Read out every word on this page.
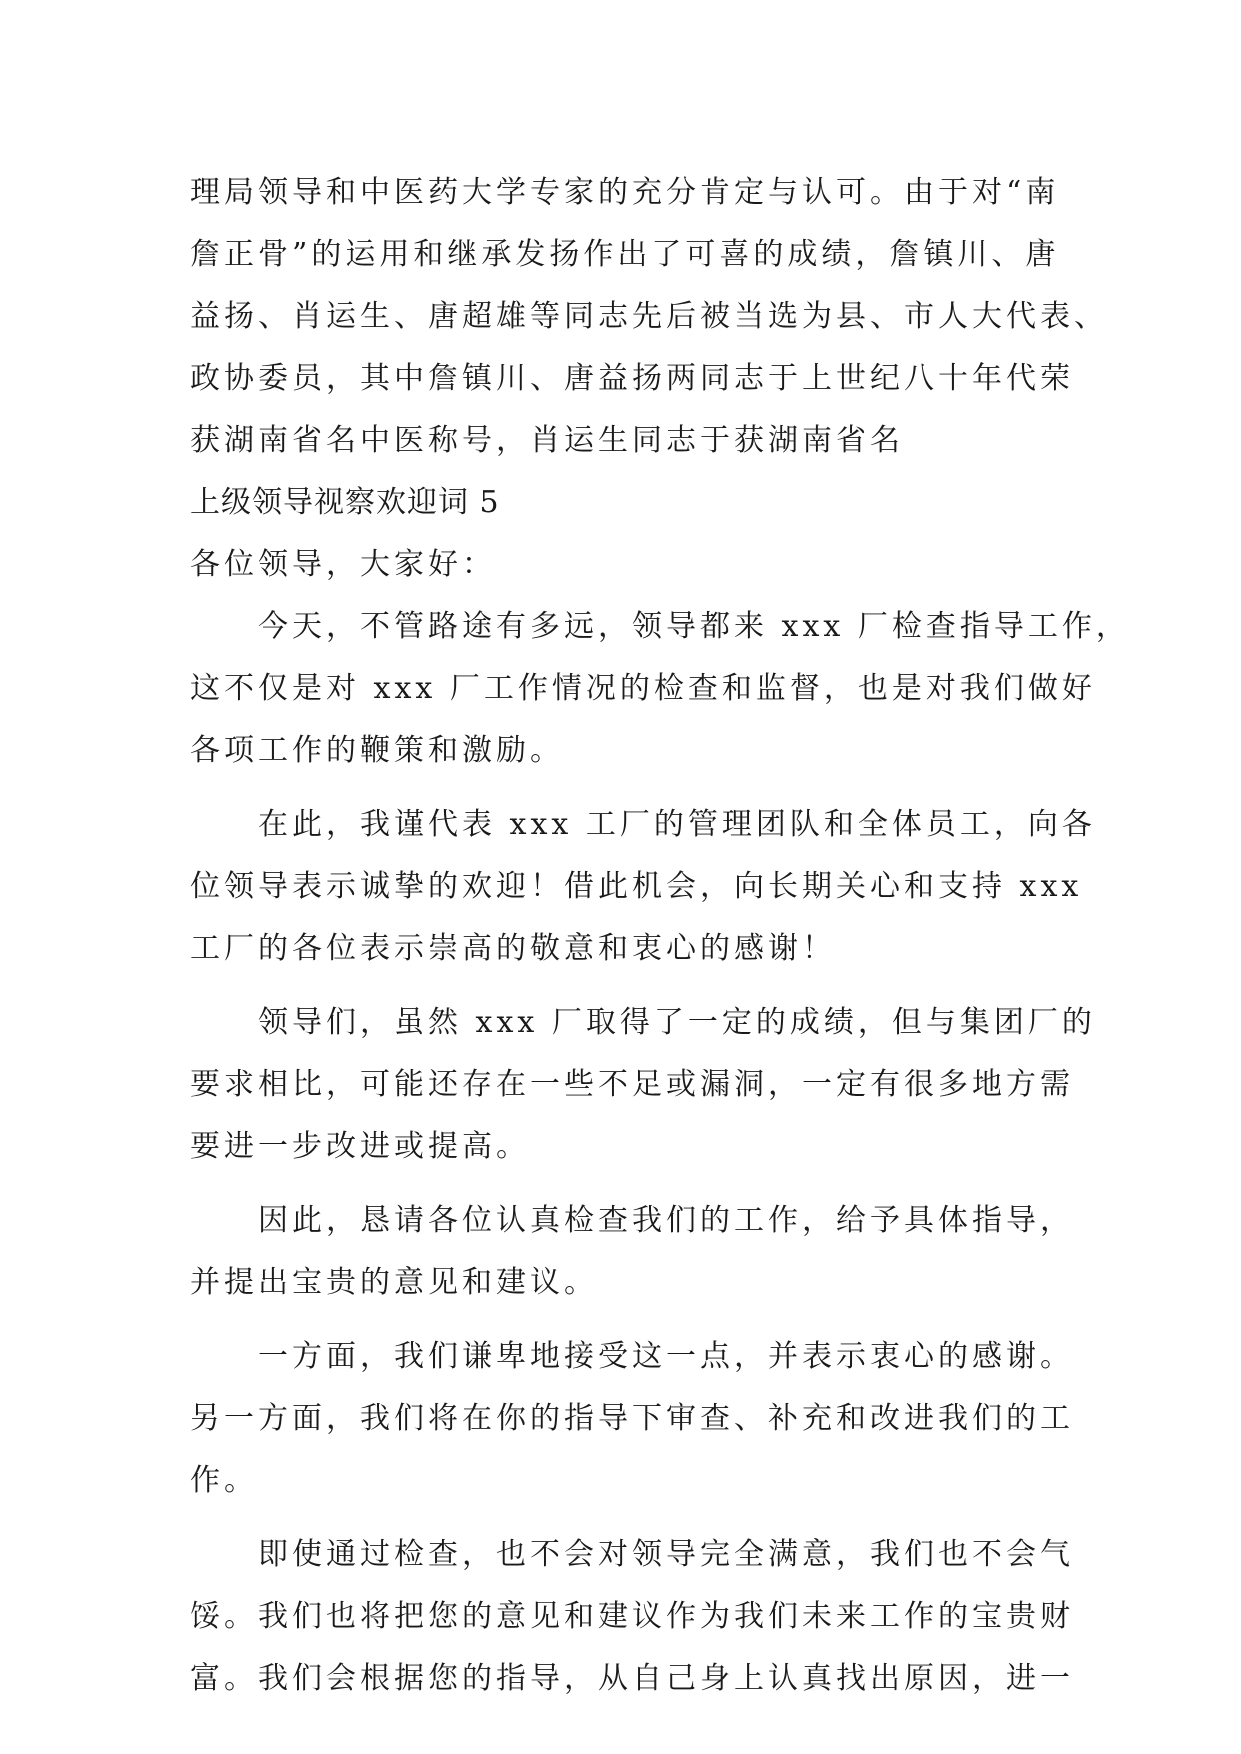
理局领导和中医药大学专家的充分肯定与认可。由于对“南
詹正骨”的运用和继承发扬作出了可喜的成绩，詹镇川、唐
益扬、肖运生、唐超雄等同志先后被当选为县、市人大代表、
政协委员，其中詹镇川、唐益扬两同志于上世纪八十年代荣
获湖南省名中医称号，肖运生同志于获湖南省名
上级领导视察欢迎词 5
各位领导，大家好：
　　今天，不管路途有多远，领导都来 xxx 厂检查指导工作，
这不仅是对 xxx 厂工作情况的检查和监督，也是对我们做好
各项工作的鞭策和激励。
　　在此，我谨代表 xxx 工厂的管理团队和全体员工，向各
位领导表示诚挚的欢迎！借此机会，向长期关心和支持 xxx
工厂的各位表示崇高的敬意和衷心的感谢！
　　领导们，虽然 xxx 厂取得了一定的成绩，但与集团厂的
要求相比，可能还存在一些不足或漏洞，一定有很多地方需
要进一步改进或提高。
　　因此，恳请各位认真检查我们的工作，给予具体指导，
并提出宝贵的意见和建议。
　　一方面，我们谦卑地接受这一点，并表示衷心的感谢。
另一方面，我们将在你的指导下审查、补充和改进我们的工
作。
　　即使通过检查，也不会对领导完全满意，我们也不会气
馁。我们也将把您的意见和建议作为我们未来工作的宝贵财
富。我们会根据您的指导，从自己身上认真找出原因，进一
